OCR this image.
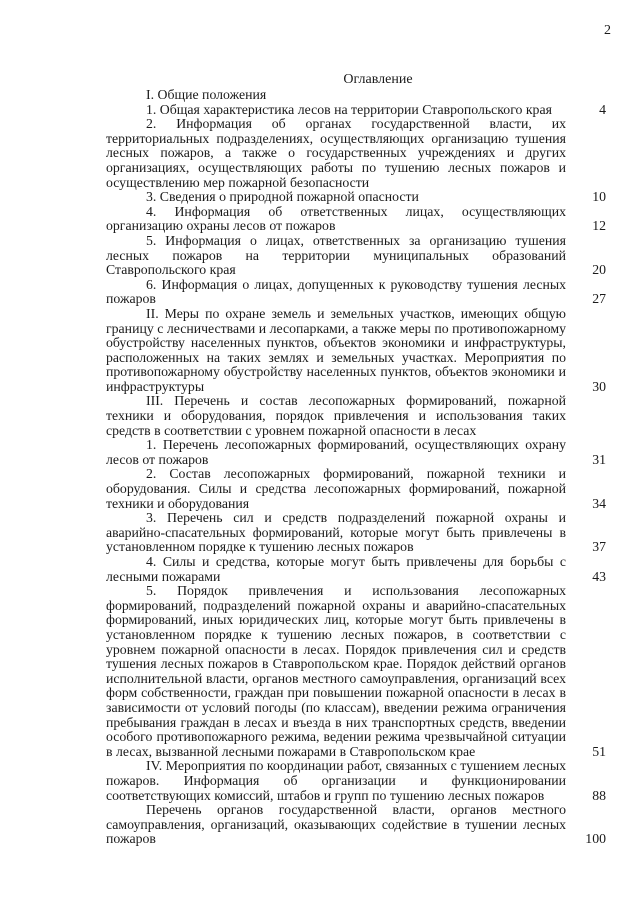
2
Оглавление
I. Общие положения
1. Общая характеристика лесов на территории Ставропольского края	4
2. Информация об органах государственной власти, их территориальных подразделениях, осуществляющих организацию тушения лесных пожаров, а также о государственных учреждениях и других организациях, осуществляющих работы по тушению лесных пожаров и осуществлению мер пожарной безопасности
3. Сведения о природной пожарной опасности	10
4. Информация об ответственных лицах, осуществляющих организацию охраны лесов от пожаров	12
5. Информация о лицах, ответственных за организацию тушения лесных пожаров на территории муниципальных образований Ставропольского края	20
6. Информация о лицах, допущенных к руководству тушения лесных пожаров	27
II. Меры по охране земель и земельных участков, имеющих общую границу с лесничествами и лесопарками, а также меры по противопожарному обустройству населенных пунктов, объектов экономики и инфраструктуры, расположенных на таких землях и земельных участках. Мероприятия по противопожарному обустройству населенных пунктов, объектов экономики и инфраструктуры	30
III. Перечень и состав лесопожарных формирований, пожарной техники и оборудования, порядок привлечения и использования таких средств в соответствии с уровнем пожарной опасности в лесах
1. Перечень лесопожарных формирований, осуществляющих охрану лесов от пожаров	31
2. Состав лесопожарных формирований, пожарной техники и оборудования. Силы и средства лесопожарных формирований, пожарной техники и оборудования	34
3. Перечень сил и средств подразделений пожарной охраны и аварийно-спасательных формирований, которые могут быть привлечены в установленном порядке к тушению лесных пожаров	37
4. Силы и средства, которые могут быть привлечены для борьбы с лесными пожарами	43
5. Порядок привлечения и использования лесопожарных формирований, подразделений пожарной охраны и аварийно-спасательных формирований, иных юридических лиц, которые могут быть привлечены в установленном порядке к тушению лесных пожаров, в соответствии с уровнем пожарной опасности в лесах. Порядок привлечения сил и средств тушения лесных пожаров в Ставропольском крае. Порядок действий органов исполнительной власти, органов местного самоуправления, организаций всех форм собственности, граждан при повышении пожарной опасности в лесах в зависимости от условий погоды (по классам), введении режима ограничения пребывания граждан в лесах и въезда в них транспортных средств, введении особого противопожарного режима, ведении режима чрезвычайной ситуации в лесах, вызванной лесными пожарами в Ставропольском крае	51
IV. Мероприятия по координации работ, связанных с тушением лесных пожаров. Информация об организации и функционировании соответствующих комиссий, штабов и групп по тушению лесных пожаров	88
Перечень органов государственной власти, органов местного самоуправления, организаций, оказывающих содействие в тушении лесных пожаров	100
